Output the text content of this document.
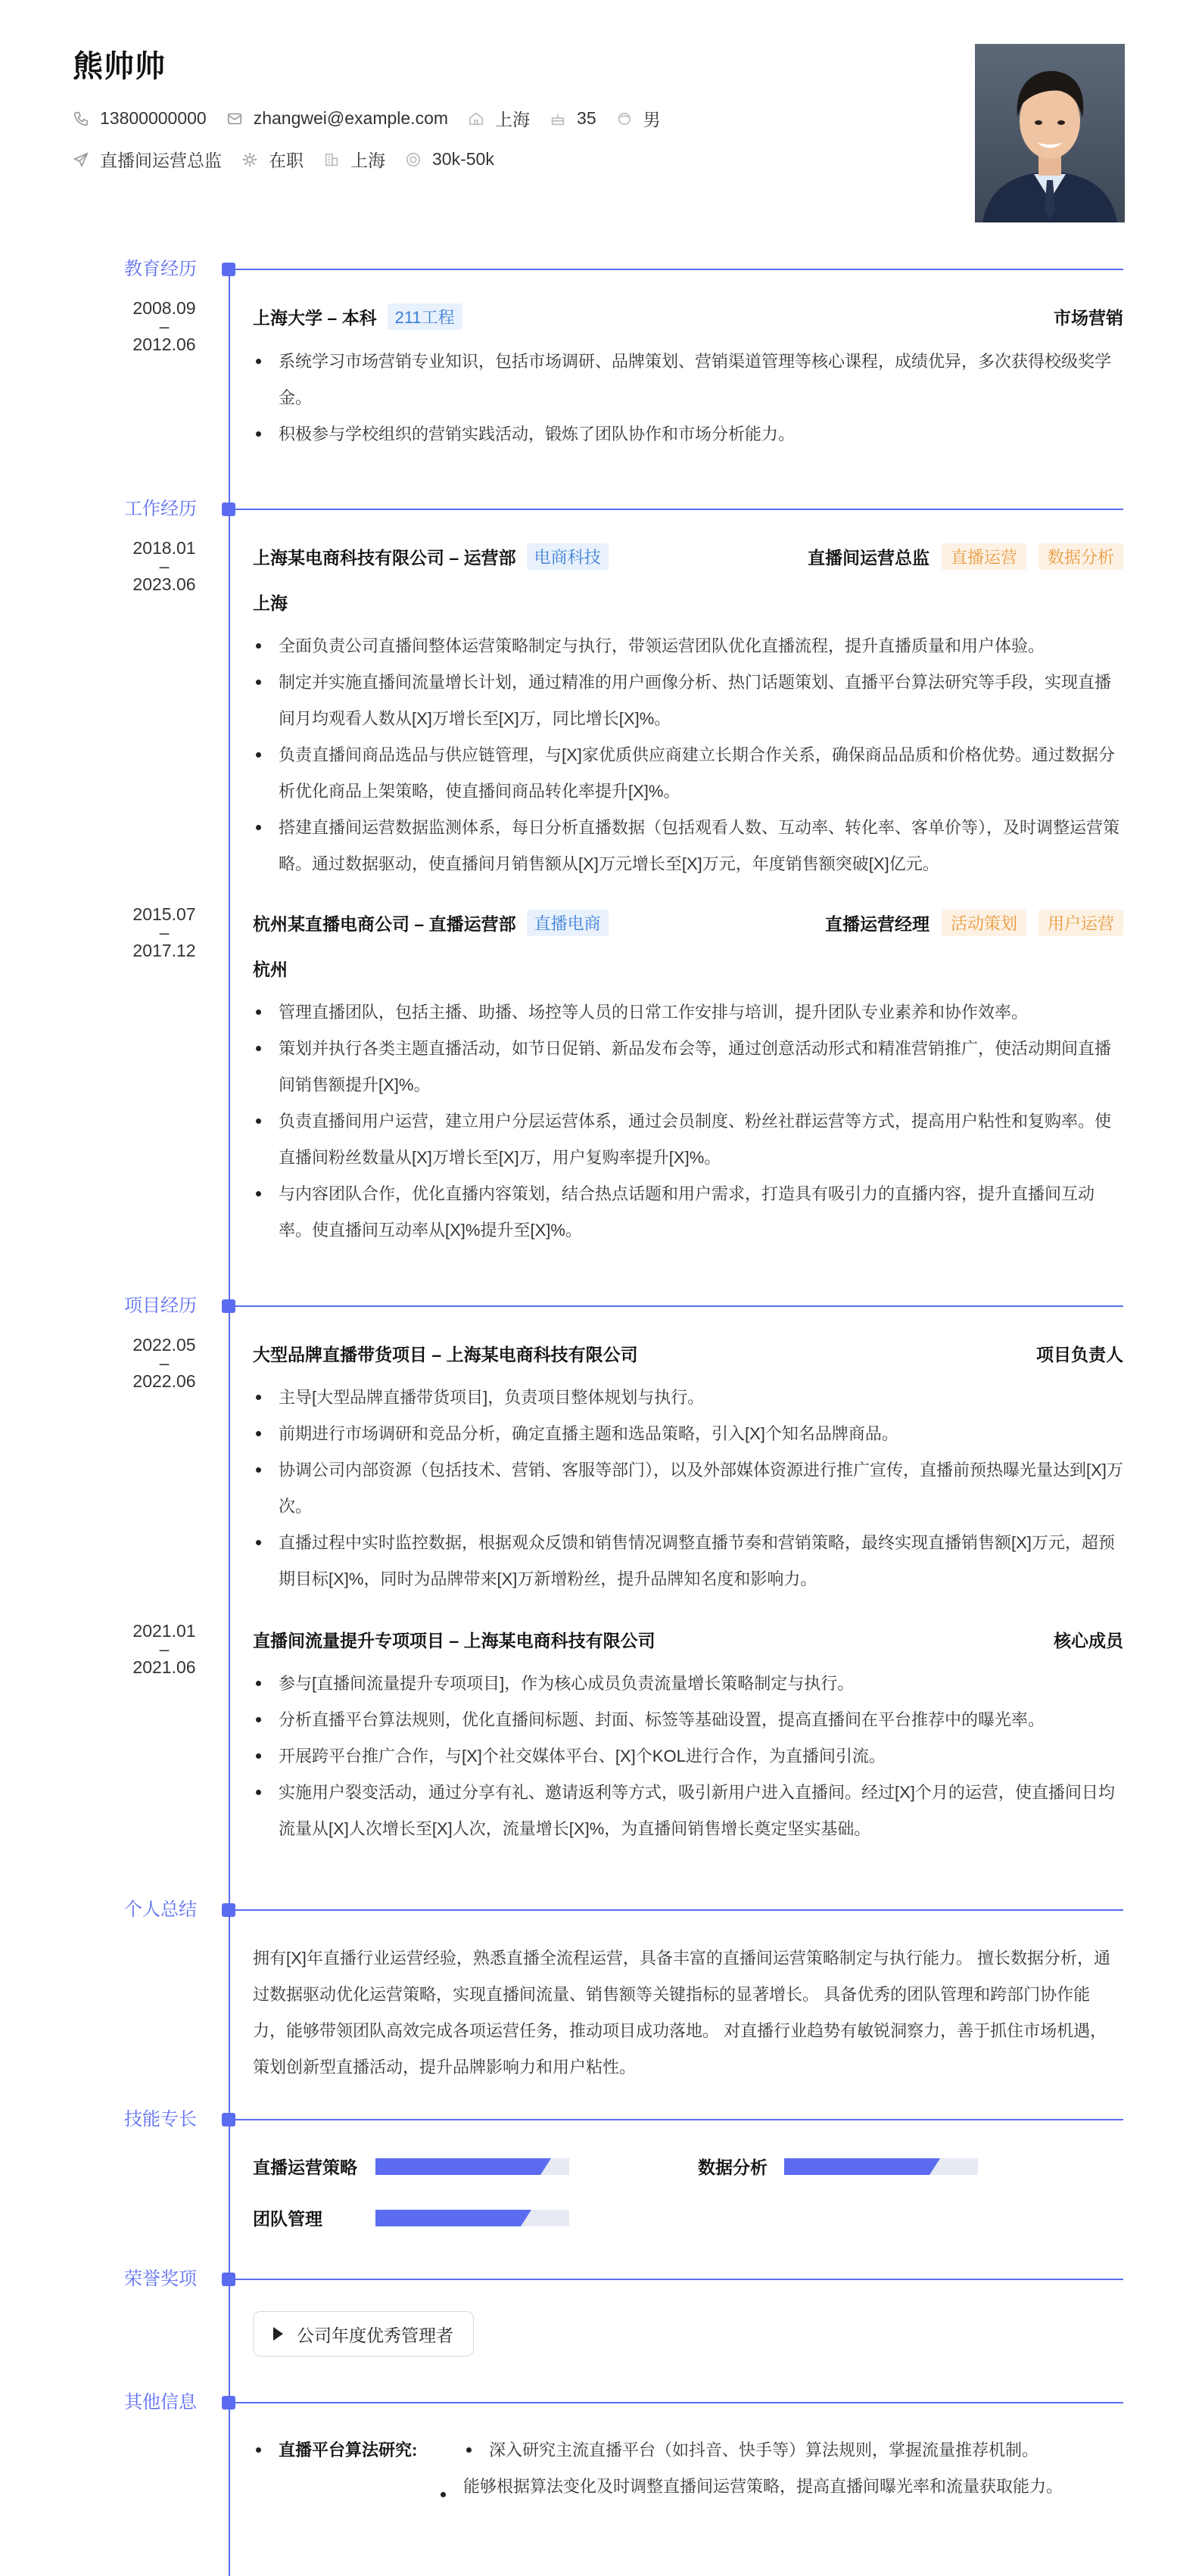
熊帅帅
13800000000	zhangwei@example.com	上海	35	男
直播间运营总监	在职	上海	30k-50k
教育经历
2008.09
–
2012.06
上海大学 – 本科	211工程	市场营销
系统学习市场营销专业知识，包括市场调研、品牌策划、营销渠道管理等核心课程，成绩优异，多次获得校级奖学金。
积极参与学校组织的营销实践活动，锻炼了团队协作和市场分析能力。
工作经历
2018.01
–
2023.06
上海某电商科技有限公司 – 运营部	电商科技	直播间运营总监	直播运营	数据分析
上海
全面负责公司直播间整体运营策略制定与执行，带领运营团队优化直播流程，提升直播质量和用户体验。
制定并实施直播间流量增长计划，通过精准的用户画像分析、热门话题策划、直播平台算法研究等手段，实现直播间月均观看人数从[X]万增长至[X]万，同比增长[X]%。
负责直播间商品选品与供应链管理，与[X]家优质供应商建立长期合作关系，确保商品品质和价格优势。通过数据分析优化商品上架策略，使直播间商品转化率提升[X]%。
搭建直播间运营数据监测体系，每日分析直播数据（包括观看人数、互动率、转化率、客单价等），及时调整运营策略。通过数据驱动，使直播间月销售额从[X]万元增长至[X]万元，年度销售额突破[X]亿元。
2015.07
–
2017.12
杭州某直播电商公司 – 直播运营部	直播电商	直播运营经理	活动策划	用户运营
杭州
管理直播团队，包括主播、助播、场控等人员的日常工作安排与培训，提升团队专业素养和协作效率。
策划并执行各类主题直播活动，如节日促销、新品发布会等，通过创意活动形式和精准营销推广，使活动期间直播间销售额提升[X]%。
负责直播间用户运营，建立用户分层运营体系，通过会员制度、粉丝社群运营等方式，提高用户粘性和复购率。使直播间粉丝数量从[X]万增长至[X]万，用户复购率提升[X]%。
与内容团队合作，优化直播内容策划，结合热点话题和用户需求，打造具有吸引力的直播内容，提升直播间互动率。使直播间互动率从[X]%提升至[X]%。
项目经历
2022.05
–
2022.06
大型品牌直播带货项目 – 上海某电商科技有限公司	项目负责人
主导[大型品牌直播带货项目]，负责项目整体规划与执行。
前期进行市场调研和竞品分析，确定直播主题和选品策略，引入[X]个知名品牌商品。
协调公司内部资源（包括技术、营销、客服等部门），以及外部媒体资源进行推广宣传，直播前预热曝光量达到[X]万次。
直播过程中实时监控数据，根据观众反馈和销售情况调整直播节奏和营销策略，最终实现直播销售额[X]万元，超预期目标[X]%，同时为品牌带来[X]万新增粉丝，提升品牌知名度和影响力。
2021.01
–
2021.06
直播间流量提升专项项目 – 上海某电商科技有限公司	核心成员
参与[直播间流量提升专项项目]，作为核心成员负责流量增长策略制定与执行。
分析直播平台算法规则，优化直播间标题、封面、标签等基础设置，提高直播间在平台推荐中的曝光率。
开展跨平台推广合作，与[X]个社交媒体平台、[X]个KOL进行合作，为直播间引流。
实施用户裂变活动，通过分享有礼、邀请返利等方式，吸引新用户进入直播间。经过[X]个月的运营，使直播间日均流量从[X]人次增长至[X]人次，流量增长[X]%，为直播间销售增长奠定坚实基础。
个人总结
拥有[X]年直播行业运营经验，熟悉直播全流程运营，具备丰富的直播间运营策略制定与执行能力。 擅长数据分析，通过数据驱动优化运营策略，实现直播间流量、销售额等关键指标的显著增长。 具备优秀的团队管理和跨部门协作能力，能够带领团队高效完成各项运营任务，推动项目成功落地。 对直播行业趋势有敏锐洞察力，善于抓住市场机遇，策划创新型直播活动，提升品牌影响力和用户粘性。
技能专长
直播运营策略	数据分析
团队管理
荣誉奖项
公司年度优秀管理者
其他信息
直播平台算法研究:	深入研究主流直播平台（如抖音、快手等）算法规则，掌握流量推荐机制。
能够根据算法变化及时调整直播间运营策略，提高直播间曝光率和流量获取能力。
